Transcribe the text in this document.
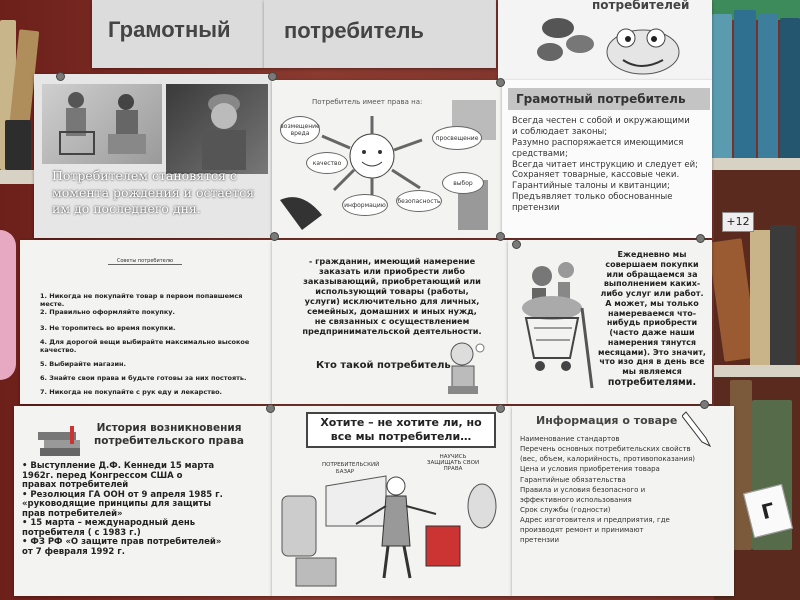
+12
Г
Грамотный потребитель
потребителей
Потребителем становятся с
момента рождения и остается
им до последнего дня.
Потребитель имеет права на:
выбор
качество
просвещение
информацию
безопасность
возмещение вреда
Грамотный потребитель
Всегда честен с собой и окружающими
и соблюдает законы;
Разумно распоряжается имеющимися
средствами;
Всегда читает инструкцию и следует ей;
Сохраняет товарные, кассовые чеки.
Гарантийные талоны и квитанции;
Предъявляет только обоснованные
претензии
Советы потребителю
1. Никогда не покупайте товар в первом попавшемся месте.
2. Правильно оформляйте покупку.
3. Не торопитесь во время покупки.
4. Для дорогой вещи выбирайте максимально высокое качество.
5. Выбирайте магазин.
6. Знайте свои права и будьте готовы за них постоять.
7. Никогда не покупайте с рук еду и лекарство.
- гражданин, имеющий намерение
заказать или приобрести либо
заказывающий, приобретающий или
использующий товары (работы,
услуги) исключительно для личных,
семейных, домашних и иных нужд,
не связанных с осуществлением
предпринимательской деятельности.
Кто такой потребитель
Ежедневно мы
совершаем покупки
или обращаемся за
выполнением каких-
либо услуг или работ.
А может, мы только
намереваемся что-
нибудь приобрести
(часто даже наши
намерения тянутся
месяцами). Это значит,
что изо дня в день все
мы являемся
потребителями.
История возникновения
потребительского права
• Выступление Д.Ф. Кеннеди 15 марта
1962г. перед Конгрессом США о
правах потребителей
• Резолюция ГА ООН от 9 апреля 1985 г.
«руководящие принципы для защиты
прав потребителей»
• 15 марта – международный день
потребителя ( с 1983 г.)
• ФЗ РФ «О защите прав потребителей»
от 7 февраля 1992 г.
Хотите – не хотите ли, но
все мы потребители…
НАУЧИСЬ ЗАЩИЩАТЬ СВОИ ПРАВА
ПОТРЕБИТЕЛЬСКИЙ БАЗАР
Информация о товаре
Наименование стандартов
Перечень основных потребительских свойств
(вес, объем, калорийность, противопоказания)
Цена и условия приобретения товара
Гарантийные обязательства
Правила и условия безопасного и
эффективного использования
Срок службы (годности)
Адрес изготовителя и предприятия, где
производят ремонт и принимают
претензии
